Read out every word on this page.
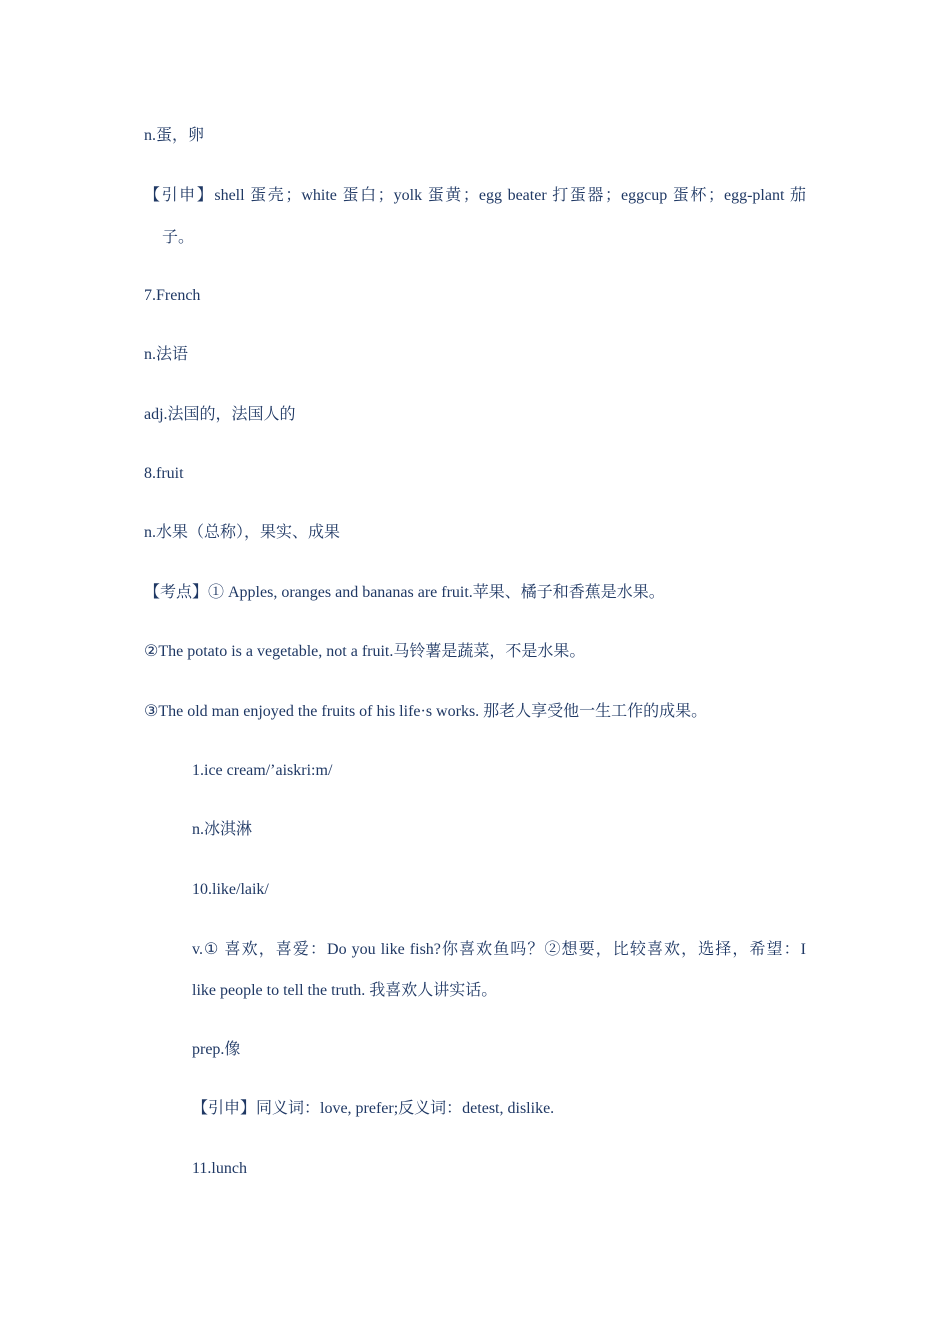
n.蛋，卵
【引申】shell 蛋壳；white 蛋白；yolk 蛋黄；egg beater 打蛋器；eggcup 蛋杯；egg-plant 茄
子。
7.French
n.法语
adj.法国的，法国人的
8.fruit
n.水果（总称），果实、成果
【考点】① Apples, oranges and bananas are fruit.苹果、橘子和香蕉是水果。
②The potato is a vegetable, not a fruit.马铃薯是蔬菜，不是水果。
③The old man enjoyed the fruits of his life·s works. 那老人享受他一生工作的成果。
1.ice cream/’aiskri:m/
n.冰淇淋
10.like/laik/
v.① 喜欢，喜爱：Do you like fish?你喜欢鱼吗？②想要，比较喜欢，选择，希望：I
like people to tell the truth. 我喜欢人讲实话。
prep.像
【引申】同义词：love, prefer;反义词：detest, dislike.
11.lunch
